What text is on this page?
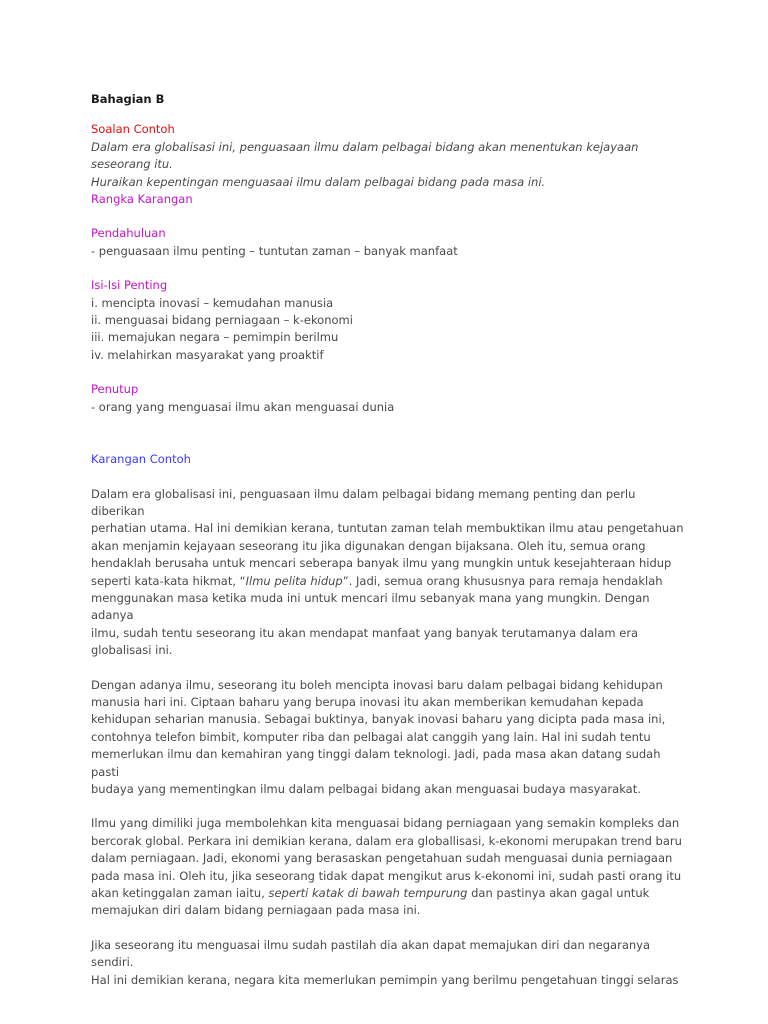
Bahagian B
Soalan Contoh
Dalam era globalisasi ini, penguasaan ilmu dalam pelbagai bidang akan menentukan kejayaan
seseorang itu.
Huraikan kepentingan menguasaai ilmu dalam pelbagai bidang pada masa ini.
Rangka Karangan
Pendahuluan
- penguasaan ilmu penting – tuntutan zaman – banyak manfaat
Isi-Isi Penting
i. mencipta inovasi – kemudahan manusia
ii. menguasai bidang perniagaan – k-ekonomi
iii. memajukan negara – pemimpin berilmu
iv. melahirkan masyarakat yang proaktif
Penutup
- orang yang menguasai ilmu akan menguasai dunia
Karangan Contoh
Dalam era globalisasi ini, penguasaan ilmu dalam pelbagai bidang memang penting dan perlu diberikan
perhatian utama. Hal ini demikian kerana, tuntutan zaman telah membuktikan ilmu atau pengetahuan
akan menjamin kejayaan seseorang itu jika digunakan dengan bijaksana. Oleh itu, semua orang
hendaklah berusaha untuk mencari seberapa banyak ilmu yang mungkin untuk kesejahteraan hidup
seperti kata-kata hikmat, “Ilmu pelita hidup”. Jadi, semua orang khususnya para remaja hendaklah
menggunakan masa ketika muda ini untuk mencari ilmu sebanyak mana yang mungkin. Dengan adanya
ilmu, sudah tentu seseorang itu akan mendapat manfaat yang banyak terutamanya dalam era
globalisasi ini.
Dengan adanya ilmu, seseorang itu boleh mencipta inovasi baru dalam pelbagai bidang kehidupan
manusia hari ini. Ciptaan baharu yang berupa inovasi itu akan memberikan kemudahan kepada
kehidupan seharian manusia. Sebagai buktinya, banyak inovasi baharu yang dicipta pada masa ini,
contohnya telefon bimbit, komputer riba dan pelbagai alat canggih yang lain. Hal ini sudah tentu
memerlukan ilmu dan kemahiran yang tinggi dalam teknologi. Jadi, pada masa akan datang sudah pasti
budaya yang mementingkan ilmu dalam pelbagai bidang akan menguasai budaya masyarakat.
Ilmu yang dimiliki juga membolehkan kita menguasai bidang perniagaan yang semakin kompleks dan
bercorak global. Perkara ini demikian kerana, dalam era globallisasi, k-ekonomi merupakan trend baru
dalam perniagaan. Jadi, ekonomi yang berasaskan pengetahuan sudah menguasai dunia perniagaan
pada masa ini. Oleh itu, jika seseorang tidak dapat mengikut arus k-ekonomi ini, sudah pasti orang itu
akan ketinggalan zaman iaitu, seperti katak di bawah tempurung dan pastinya akan gagal untuk
memajukan diri dalam bidang perniagaan pada masa ini.
Jika seseorang itu menguasai ilmu sudah pastilah dia akan dapat memajukan diri dan negaranya sendiri.
Hal ini demikian kerana, negara kita memerlukan pemimpin yang berilmu pengetahuan tinggi selaras
